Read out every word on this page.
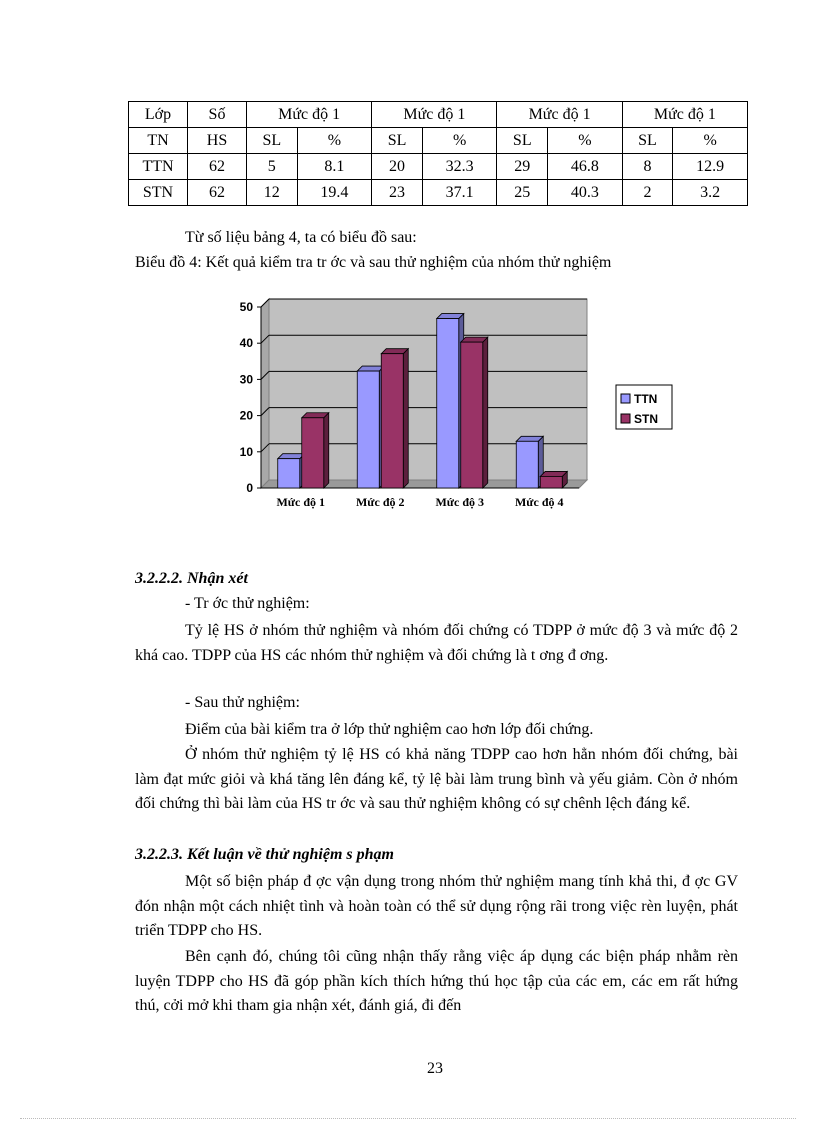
Lớp	Số	Mức độ 1		Mức độ 1		Mức độ 1		Mức độ 1	
TN	HS	SL	%	SL	%	SL	%	SL	%
TTN	62	5	8.1	20	32.3	29	46.8	8	12.9
STN	62	12	19.4	23	37.1	25	40.3	2	3.2
Từ số liệu bảng 4, ta có biểu đồ sau:
Biểu đồ 4: Kết quả kiểm tra tr ớc và sau thử nghiệm của nhóm thử nghiệm
0
10
20
30
40
50
Mức độ 1	Mức độ 2	Mức độ 3	Mức độ 4
TTN
STN
3.2.2.2. Nhận xét
- Tr ớc thử nghiệm:
Tỷ lệ HS ở nhóm thử nghiệm và nhóm đối chứng có TDPP ở mức độ 3 và mức độ 2 khá cao. TDPP của HS các nhóm thử nghiệm và đối chứng là t ơng đ ơng.
- Sau thử nghiệm:
Điểm của bài kiểm tra ở lớp thử nghiệm cao hơn lớp đối chứng.
Ở nhóm thử nghiệm tỷ lệ HS có khả năng TDPP cao hơn hẳn nhóm đối chứng, bài làm đạt mức giỏi và khá tăng lên đáng kể, tỷ lệ bài làm trung bình và yếu giảm. Còn ở nhóm đối chứng thì bài làm của HS tr ớc và sau thử nghiệm không có sự chênh lệch đáng kể.
3.2.2.3. Kết luận về thử nghiệm s phạm
Một số biện pháp đ ợc vận dụng trong nhóm thử nghiệm mang tính khả thi, đ ợc GV đón nhận một cách nhiệt tình và hoàn toàn có thể sử dụng rộng rãi trong việc rèn luyện, phát triển TDPP cho HS.
Bên cạnh đó, chúng tôi cũng nhận thấy rằng việc áp dụng các biện pháp nhằm rèn luyện TDPP cho HS đã góp phần kích thích hứng thú học tập của các em, các em rất hứng thú, cởi mở khi tham gia nhận xét, đánh giá, đi đến
23
